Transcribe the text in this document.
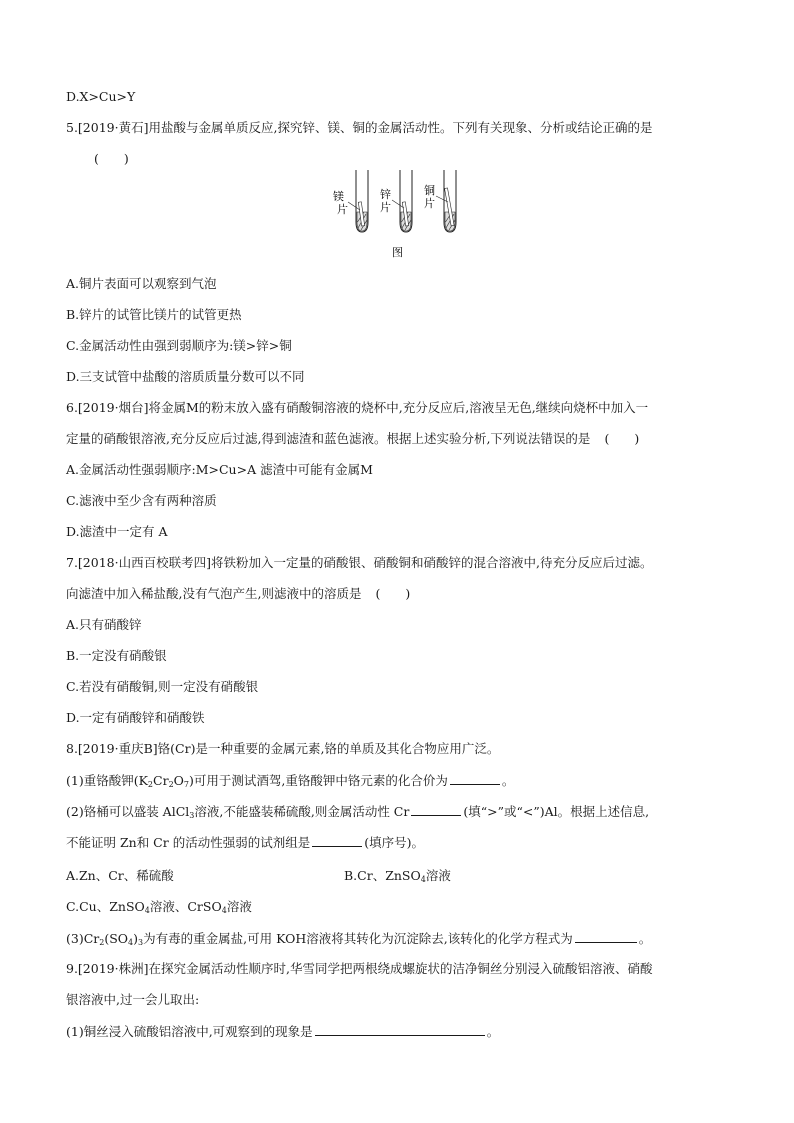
D.X>Cu>Y
5.[2019·黄石]用盐酸与金属单质反应,探究锌、镁、铜的金属活动性。下列有关现象、分析或结论正确的是
(　　)
镁
片
锌
片
铜
片
图
A.铜片表面可以观察到气泡
B.锌片的试管比镁片的试管更热
C.金属活动性由强到弱顺序为:镁>锌>铜
D.三支试管中盐酸的溶质质量分数可以不同
6.[2019·烟台]将金属M的粉末放入盛有硝酸铜溶液的烧杯中,充分反应后,溶液呈无色,继续向烧杯中加入一
定量的硝酸银溶液,充分反应后过滤,得到滤渣和蓝色滤液。根据上述实验分析,下列说法错误的是 (　　)
A.金属活动性强弱顺序:M>Cu>A 滤渣中可能有金属M
C.滤液中至少含有两种溶质
D.滤渣中一定有 A
7.[2018·山西百校联考四]将铁粉加入一定量的硝酸银、硝酸铜和硝酸锌的混合溶液中,待充分反应后过滤。
向滤渣中加入稀盐酸,没有气泡产生,则滤液中的溶质是 (　　)
A.只有硝酸锌
B.一定没有硝酸银
C.若没有硝酸铜,则一定没有硝酸银
D.一定有硝酸锌和硝酸铁
8.[2019·重庆B]铬(Cr)是一种重要的金属元素,铬的单质及其化合物应用广泛。
(1)重铬酸钾$(K_2Cr_2O_7)$可用于测试酒驾,重铬酸钾中铬元素的化合价为	。
(2)铬桶可以盛装 AlCl$_3$溶液,不能盛装稀硫酸,则金属活动性 Cr	(填“>”或“<”)Al。根据上述信息,
不能证明 Zn和 Cr 的活动性强弱的试剂组是	(填序号)。
A.Zn、Cr、稀硫酸	B.Cr、ZnSO$_4$溶液
C.Cu、ZnSO$_4$溶液、CrSO$_4$溶液
$(3)Cr_2(SO_4)_3$为有毒的重金属盐,可用 KOH溶液将其转化为沉淀除去,该转化的化学方程式为	。
9.[2019·株洲]在探究金属活动性顺序时,华雪同学把两根绕成螺旋状的洁净铜丝分别浸入硫酸铝溶液、硝酸
银溶液中,过一会儿取出:
(1)铜丝浸入硫酸铝溶液中,可观察到的现象是	。
